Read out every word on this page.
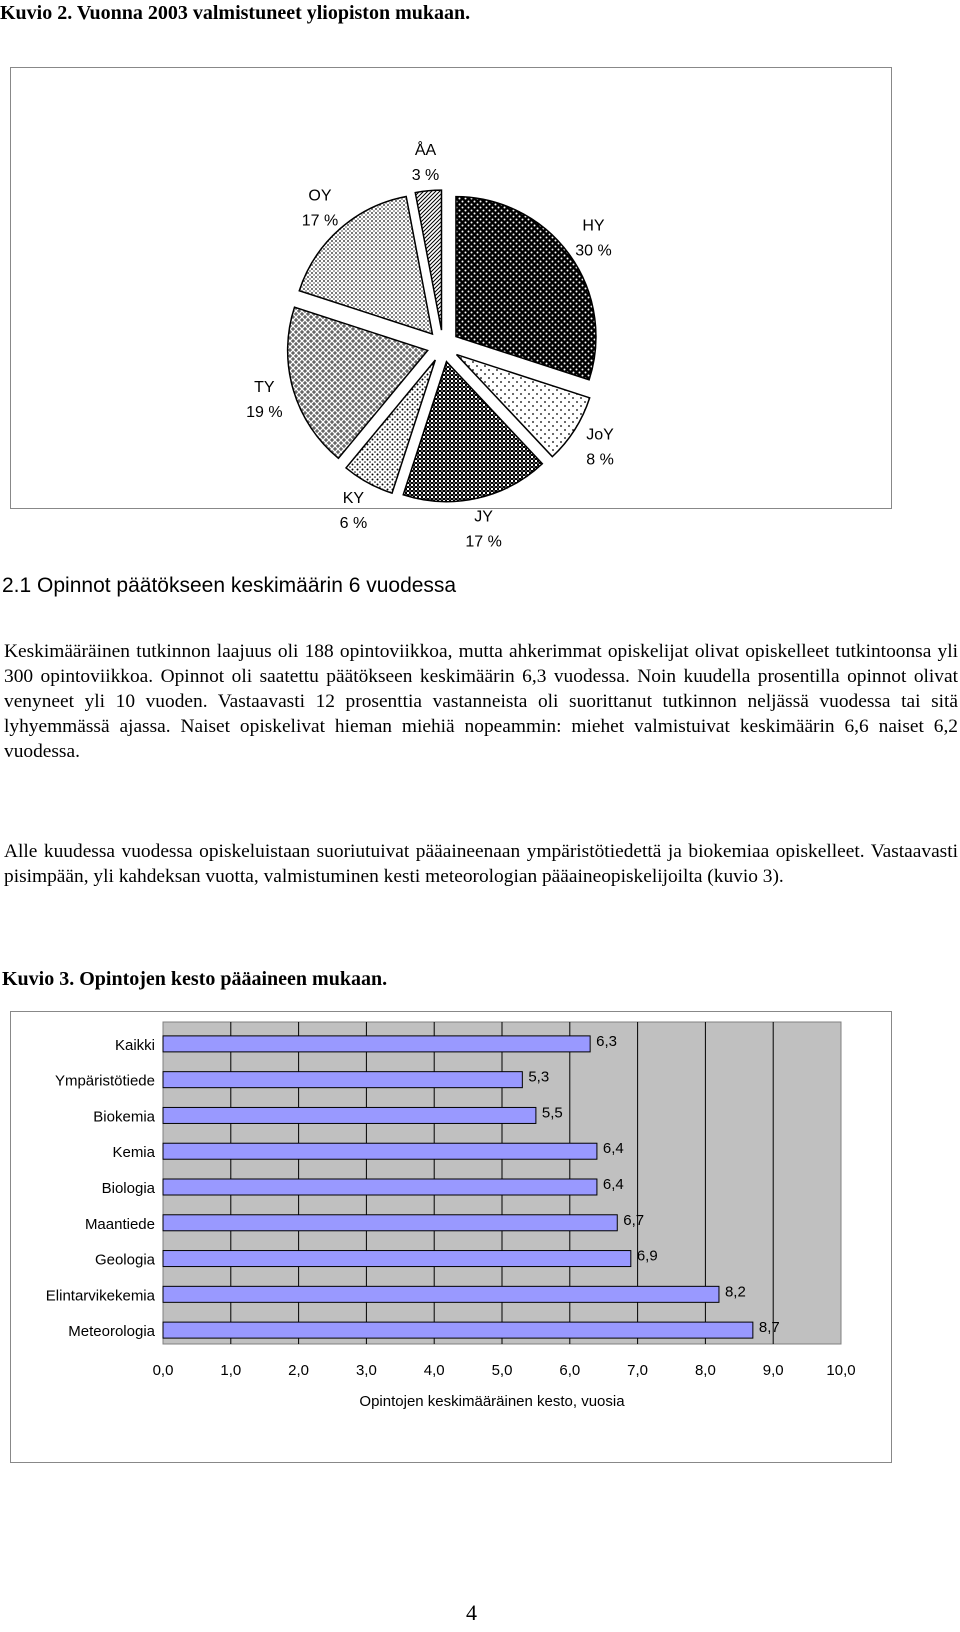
Kuvio 2. Vuonna 2003 valmistuneet yliopiston mukaan.
HY
30 %
JoY
8 %
JY
17 %
KY
6 %
TY
19 %
OY
17 %
ÅA
3 %
2.1 Opinnot päätökseen keskimäärin 6 vuodessa

Keskimääräinen tutkinnon laajuus oli 188 opintoviikkoa, mutta ahkerimmat opiskelijat olivat opiskelleet tutkintoonsa yli 300 opintoviikkoa. Opinnot oli saatettu päätökseen keskimäärin 6,3 vuodessa. Noin kuudella prosentilla opinnot olivat venyneet yli 10 vuoden. Vastaavasti 12 prosenttia vastanneista oli suorittanut tutkinnon neljässä vuodessa tai sitä lyhyemmässä ajassa. Naiset opiskelivat hieman miehiä nopeammin: miehet valmistuivat keskimäärin 6,6 naiset 6,2 vuodessa.

Alle kuudessa vuodessa opiskeluistaan suoriutuivat pääaineenaan ympäristötiedettä ja biokemiaa opiskelleet. Vastaavasti pisimpään, yli kahdeksan vuotta, valmistuminen kesti meteorologian pääaineopiskelijoilta (kuvio 3).

Kuvio 3. Opintojen kesto pääaineen mukaan.
Kaikki
Ympäristötiede
Biokemia
Kemia
Biologia
Maantiede
Geologia
Elintarvikekemia
Meteorologia
6,3
5,3
5,5
6,4
6,4
6,7
6,9
8,2
8,7
0,0	1,0	2,0	3,0	4,0	5,0	6,0	7,0	8,0	9,0	10,0
Opintojen keskimääräinen kesto, vuosia
4
